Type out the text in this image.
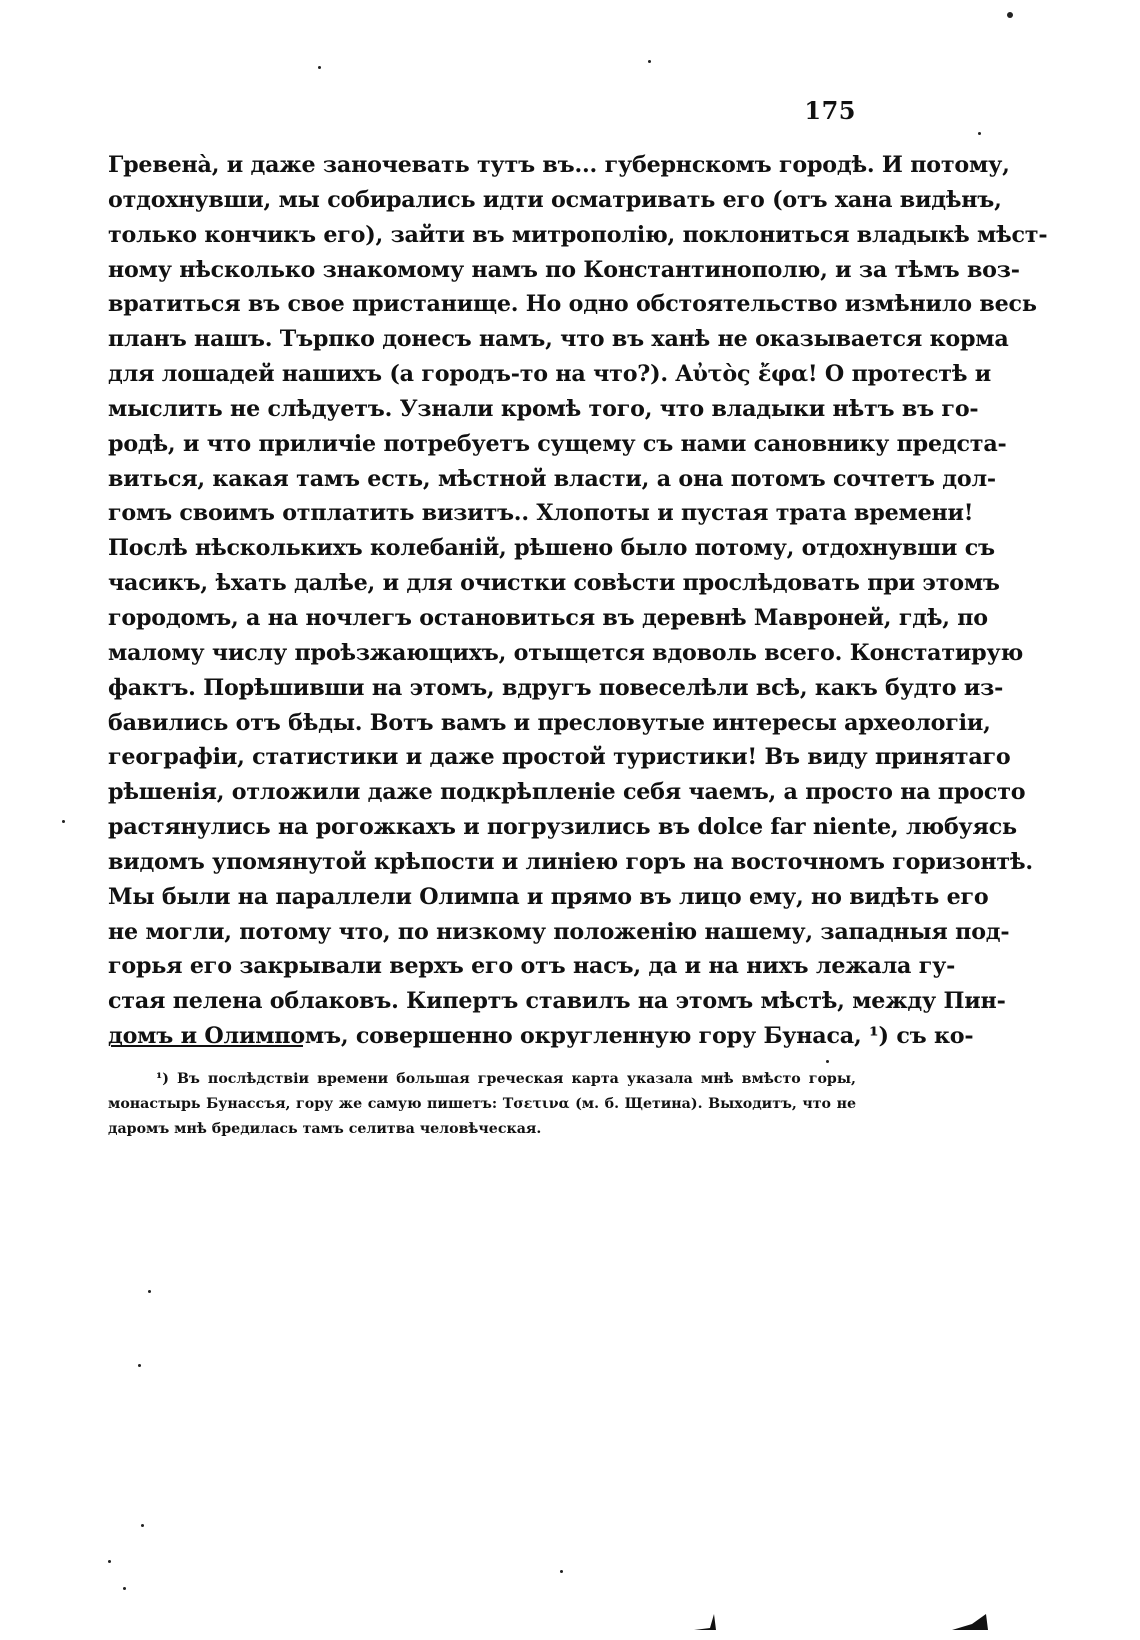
175
Гревенà, и даже заночевать тутъ въ... губернскомъ городѣ. И потому,
отдохнувши, мы собирались идти осматривать его (отъ хана видѣнъ,
только кончикъ его), зайти въ митрополію, поклониться владыкѣ мѣст-
ному нѣсколько знакомому намъ по Константинополю, и за тѣмъ воз-
вратиться въ свое пристанище. Но одно обстоятельство измѣнило весь
планъ нашъ. Търпко донесъ намъ, что въ ханѣ не оказывается корма
для лошадей нашихъ (а городъ-то на что?). Αὐτὸς ἔφα! О протестѣ и
мыслить не слѣдуетъ. Узнали кромѣ того, что владыки нѣтъ въ го-
родѣ, и что приличіе потребуетъ сущему съ нами сановнику предста-
виться, какая тамъ есть, мѣстной власти, а она потомъ сочтетъ дол-
гомъ своимъ отплатить визитъ.. Хлопоты и пустая трата времени!
Послѣ нѣсколькихъ колебаній, рѣшено было потому, отдохнувши съ
часикъ, ѣхать далѣе, и для очистки совѣсти прослѣдовать при этомъ
городомъ, а на ночлегъ остановиться въ деревнѣ Мавроней, гдѣ, по
малому числу проѣзжающихъ, отыщется вдоволь всего. Констатирую
фактъ. Порѣшивши на этомъ, вдругъ повеселѣли всѣ, какъ будто из-
бавились отъ бѣды. Вотъ вамъ и пресловутые интересы археологіи,
географіи, статистики и даже простой туристики! Въ виду принятаго
рѣшенія, отложили даже подкрѣпленіе себя чаемъ, а просто на просто
растянулись на рогожкахъ и погрузились въ dolce far niente, любуясь
видомъ упомянутой крѣпости и линіею горъ на восточномъ горизонтѣ.
Мы были на параллели Олимпа и прямо въ лицо ему, но видѣть его
не могли, потому что, по низкому положенію нашему, западныя под-
горья его закрывали верхъ его отъ насъ, да и на нихъ лежала гу-
стая пелена облаковъ. Кипертъ ставилъ на этомъ мѣстѣ, между Пин-
домъ и Олимпомъ, совершенно округленную гору Бунаса, ¹) съ ко-
¹) Въ послѣдствіи времени большая греческая карта указала мнѣ вмѣсто горы,
монастырь Бунассъя, гору же самую пишетъ: Τσετινα (м. б. Щетина). Выходитъ, что не
даромъ мнѣ бредилась тамъ селитва человѣческая.
